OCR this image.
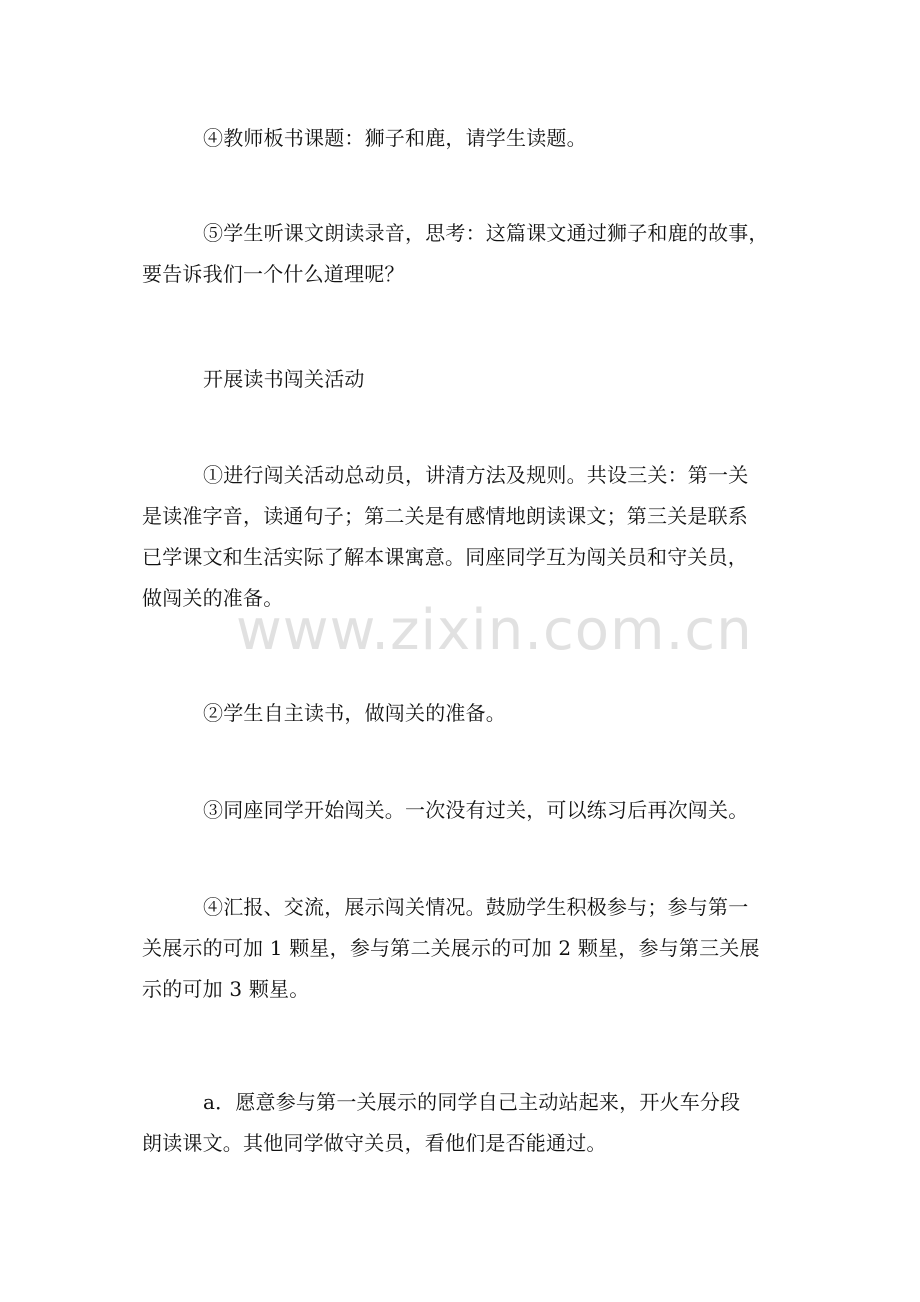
④教师板书课题：狮子和鹿，请学生读题。

⑤学生听课文朗读录音，思考：这篇课文通过狮子和鹿的故事，
要告诉我们一个什么道理呢？

开展读书闯关活动

①进行闯关活动总动员，讲清方法及规则。共设三关：第一关
是读准字音，读通句子；第二关是有感情地朗读课文；第三关是联系
已学课文和生活实际了解本课寓意。同座同学互为闯关员和守关员，
做闯关的准备。

②学生自主读书，做闯关的准备。

③同座同学开始闯关。一次没有过关，可以练习后再次闯关。

④汇报、交流，展示闯关情况。鼓励学生积极参与；参与第一
关展示的可加 1 颗星，参与第二关展示的可加 2 颗星，参与第三关展
示的可加 3 颗星。

a．愿意参与第一关展示的同学自己主动站起来，开火车分段
朗读课文。其他同学做守关员，看他们是否能通过。

www.zixin.com.cn
